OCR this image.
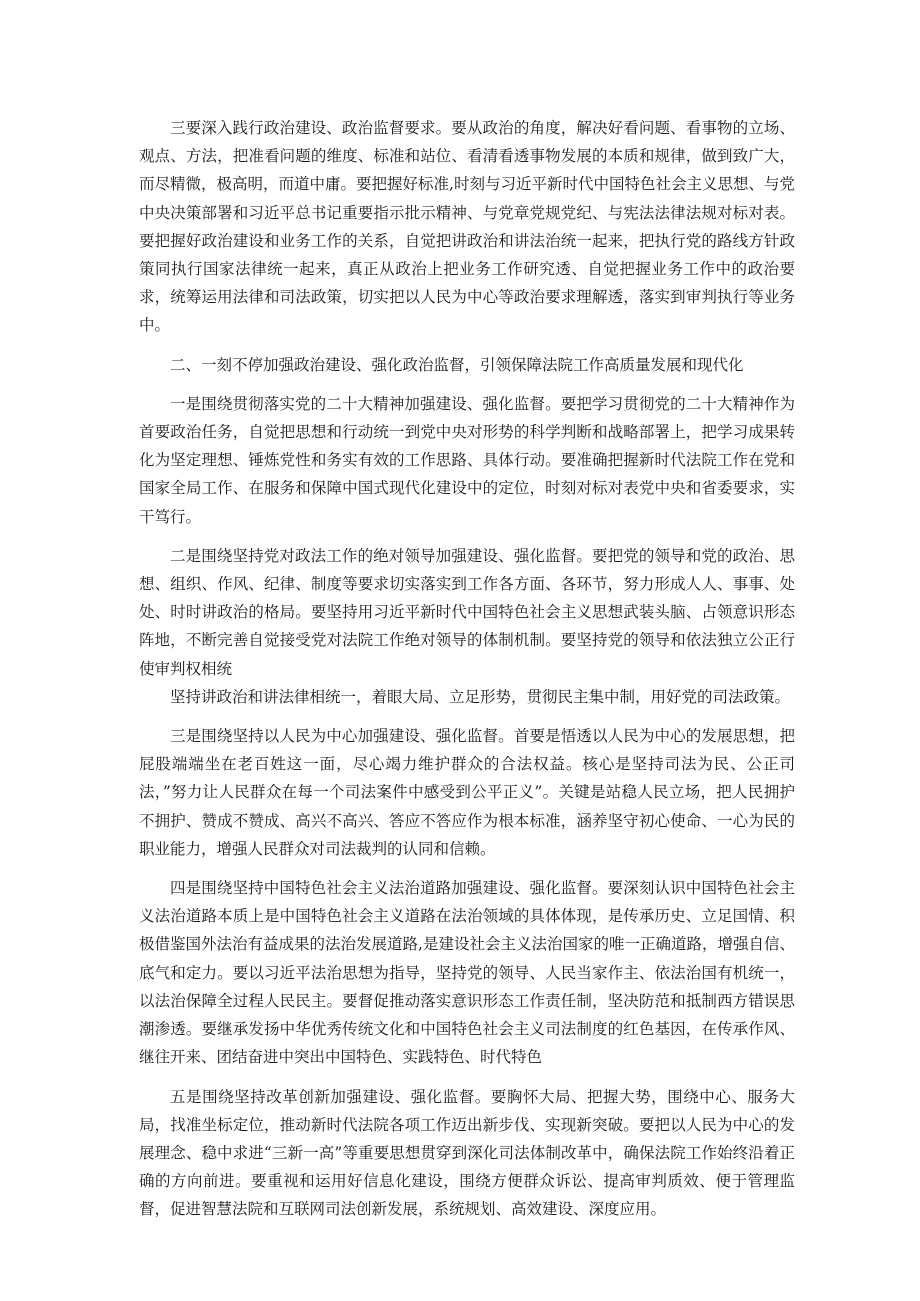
三要深入践行政治建设、政治监督要求。要从政治的角度，解决好看问题、看事物的立场、观点、方法，把准看问题的维度、标准和站位、看清看透事物发展的本质和规律，做到致广大，而尽精微，极高明，而道中庸。要把握好标准,时刻与习近平新时代中国特色社会主义思想、与党中央决策部署和习近平总书记重要指示批示精神、与党章党规党纪、与宪法法律法规对标对表。要把握好政治建设和业务工作的关系，自觉把讲政治和讲法治统一起来，把执行党的路线方针政策同执行国家法律统一起来，真正从政治上把业务工作研究透、自觉把握业务工作中的政治要求，统筹运用法律和司法政策，切实把以人民为中心等政治要求理解透，落实到审判执行等业务中。

二、一刻不停加强政治建设、强化政治监督，引领保障法院工作高质量发展和现代化

一是围绕贯彻落实党的二十大精神加强建设、强化监督。要把学习贯彻党的二十大精神作为首要政治任务，自觉把思想和行动统一到党中央对形势的科学判断和战略部署上，把学习成果转化为坚定理想、锤炼党性和务实有效的工作思路、具体行动。要准确把握新时代法院工作在党和国家全局工作、在服务和保障中国式现代化建设中的定位，时刻对标对表党中央和省委要求，实干笃行。

二是围绕坚持党对政法工作的绝对领导加强建设、强化监督。要把党的领导和党的政治、思想、组织、作风、纪律、制度等要求切实落实到工作各方面、各环节，努力形成人人、事事、处处、时时讲政治的格局。要坚持用习近平新时代中国特色社会主义思想武装头脑、占领意识形态阵地，不断完善自觉接受党对法院工作绝对领导的体制机制。要坚持党的领导和依法独立公正行使审判权相统

坚持讲政治和讲法律相统一，着眼大局、立足形势，贯彻民主集中制，用好党的司法政策。

三是围绕坚持以人民为中心加强建设、强化监督。首要是悟透以人民为中心的发展思想，把屁股端端坐在老百姓这一面，尽心竭力维护群众的合法权益。核心是坚持司法为民、公正司法，”努力让人民群众在每一个司法案件中感受到公平正义”。关键是站稳人民立场，把人民拥护不拥护、赞成不赞成、高兴不高兴、答应不答应作为根本标准，涵养坚守初心使命、一心为民的职业能力，增强人民群众对司法裁判的认同和信赖。

四是围绕坚持中国特色社会主义法治道路加强建设、强化监督。要深刻认识中国特色社会主义法治道路本质上是中国特色社会主义道路在法治领域的具体体现，是传承历史、立足国情、积极借鉴国外法治有益成果的法治发展道路,是建设社会主义法治国家的唯一正确道路，增强自信、底气和定力。要以习近平法治思想为指导，坚持党的领导、人民当家作主、依法治国有机统一，以法治保障全过程人民民主。要督促推动落实意识形态工作责任制，坚决防范和抵制西方错误思潮渗透。要继承发扬中华优秀传统文化和中国特色社会主义司法制度的红色基因，在传承作风、继往开来、团结奋进中突出中国特色、实践特色、时代特色

五是围绕坚持改革创新加强建设、强化监督。要胸怀大局、把握大势，围绕中心、服务大局，找准坐标定位，推动新时代法院各项工作迈出新步伐、实现新突破。要把以人民为中心的发展理念、稳中求进“三新一高”等重要思想贯穿到深化司法体制改革中，确保法院工作始终沿着正确的方向前进。要重视和运用好信息化建设，围绕方便群众诉讼、提高审判质效、便于管理监督，促进智慧法院和互联网司法创新发展，系统规划、高效建设、深度应用。
